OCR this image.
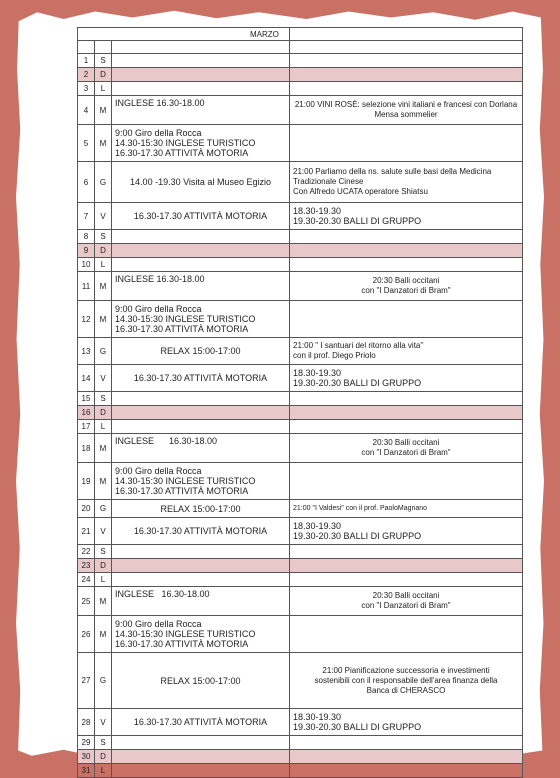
	MARZO

1	S		
2	D		
3	L		
4	M	INGLESE 16.30-18.00	21:00 VINI ROSÈ: selezione vini italiani e francesi con Dorlana Mensa sommelier
5	M	9:00 Giro della Rocca
14.30-15:30 INGLESE TURISTICO
16.30-17.30 ATTIVITÀ MOTORIA	
6	G	14.00 -19.30 Visita al Museo Egizio	21:00 Parliamo della ns. salute sulle basi della Medicina Tradizionale Cinese
Con Alfredo UCATA operatore Shiatsu
7	V	16.30-17.30 ATTIVITÀ MOTORIA	18.30-19.30
19.30-20.30 BALLI DI GRUPPO
8	S		
9	D		
10	L		
11	M	INGLESE 16.30-18.00	20:30 Balli occitani
con "I Danzatori di Bram"
12	M	9:00 Giro della Rocca
14.30-15:30 INGLESE TURISTICO
16.30-17.30 ATTIVITÀ MOTORIA	
13	G	RELAX 15:00-17:00	21:00 " I santuari del ritorno alla vita"
con il prof. Diego Priolo
14	V	16.30-17.30 ATTIVITÀ MOTORIA	18.30-19.30
19.30-20.30 BALLI DI GRUPPO
15	S		
16	D		
17	L		
18	M	INGLESE      16.30-18.00	20:30 Balli occitani
con "I Danzatori di Bram"
19	M	9:00 Giro della Rocca
14.30-15:30 INGLESE TURISTICO
16.30-17.30 ATTIVITÀ MOTORIA	
20	G	RELAX 15:00-17:00	21:00 "I Valdesi" con il prof. PaoloMagnano
21	V	16.30-17.30 ATTIVITÀ MOTORIA	18.30-19.30
19.30-20.30 BALLI DI GRUPPO
22	S		
23	D		
24	L		
25	M	INGLESE   16.30-18.00	20:30 Balli occitani
con "I Danzatori di Bram"
26	M	9:00 Giro della Rocca
14.30-15:30 INGLESE TURISTICO
16.30-17.30 ATTIVITÀ MOTORIA	
27	G	RELAX 15:00-17:00	21:00 Pianificazione successoria e investimenti sostenibili con il responsabile dell'area finanza della Banca di CHERASCO
28	V	16.30-17.30 ATTIVITÀ MOTORIA	18.30-19.30
19.30-20.30 BALLI DI GRUPPO
29	S		
30	D		
31	L		
